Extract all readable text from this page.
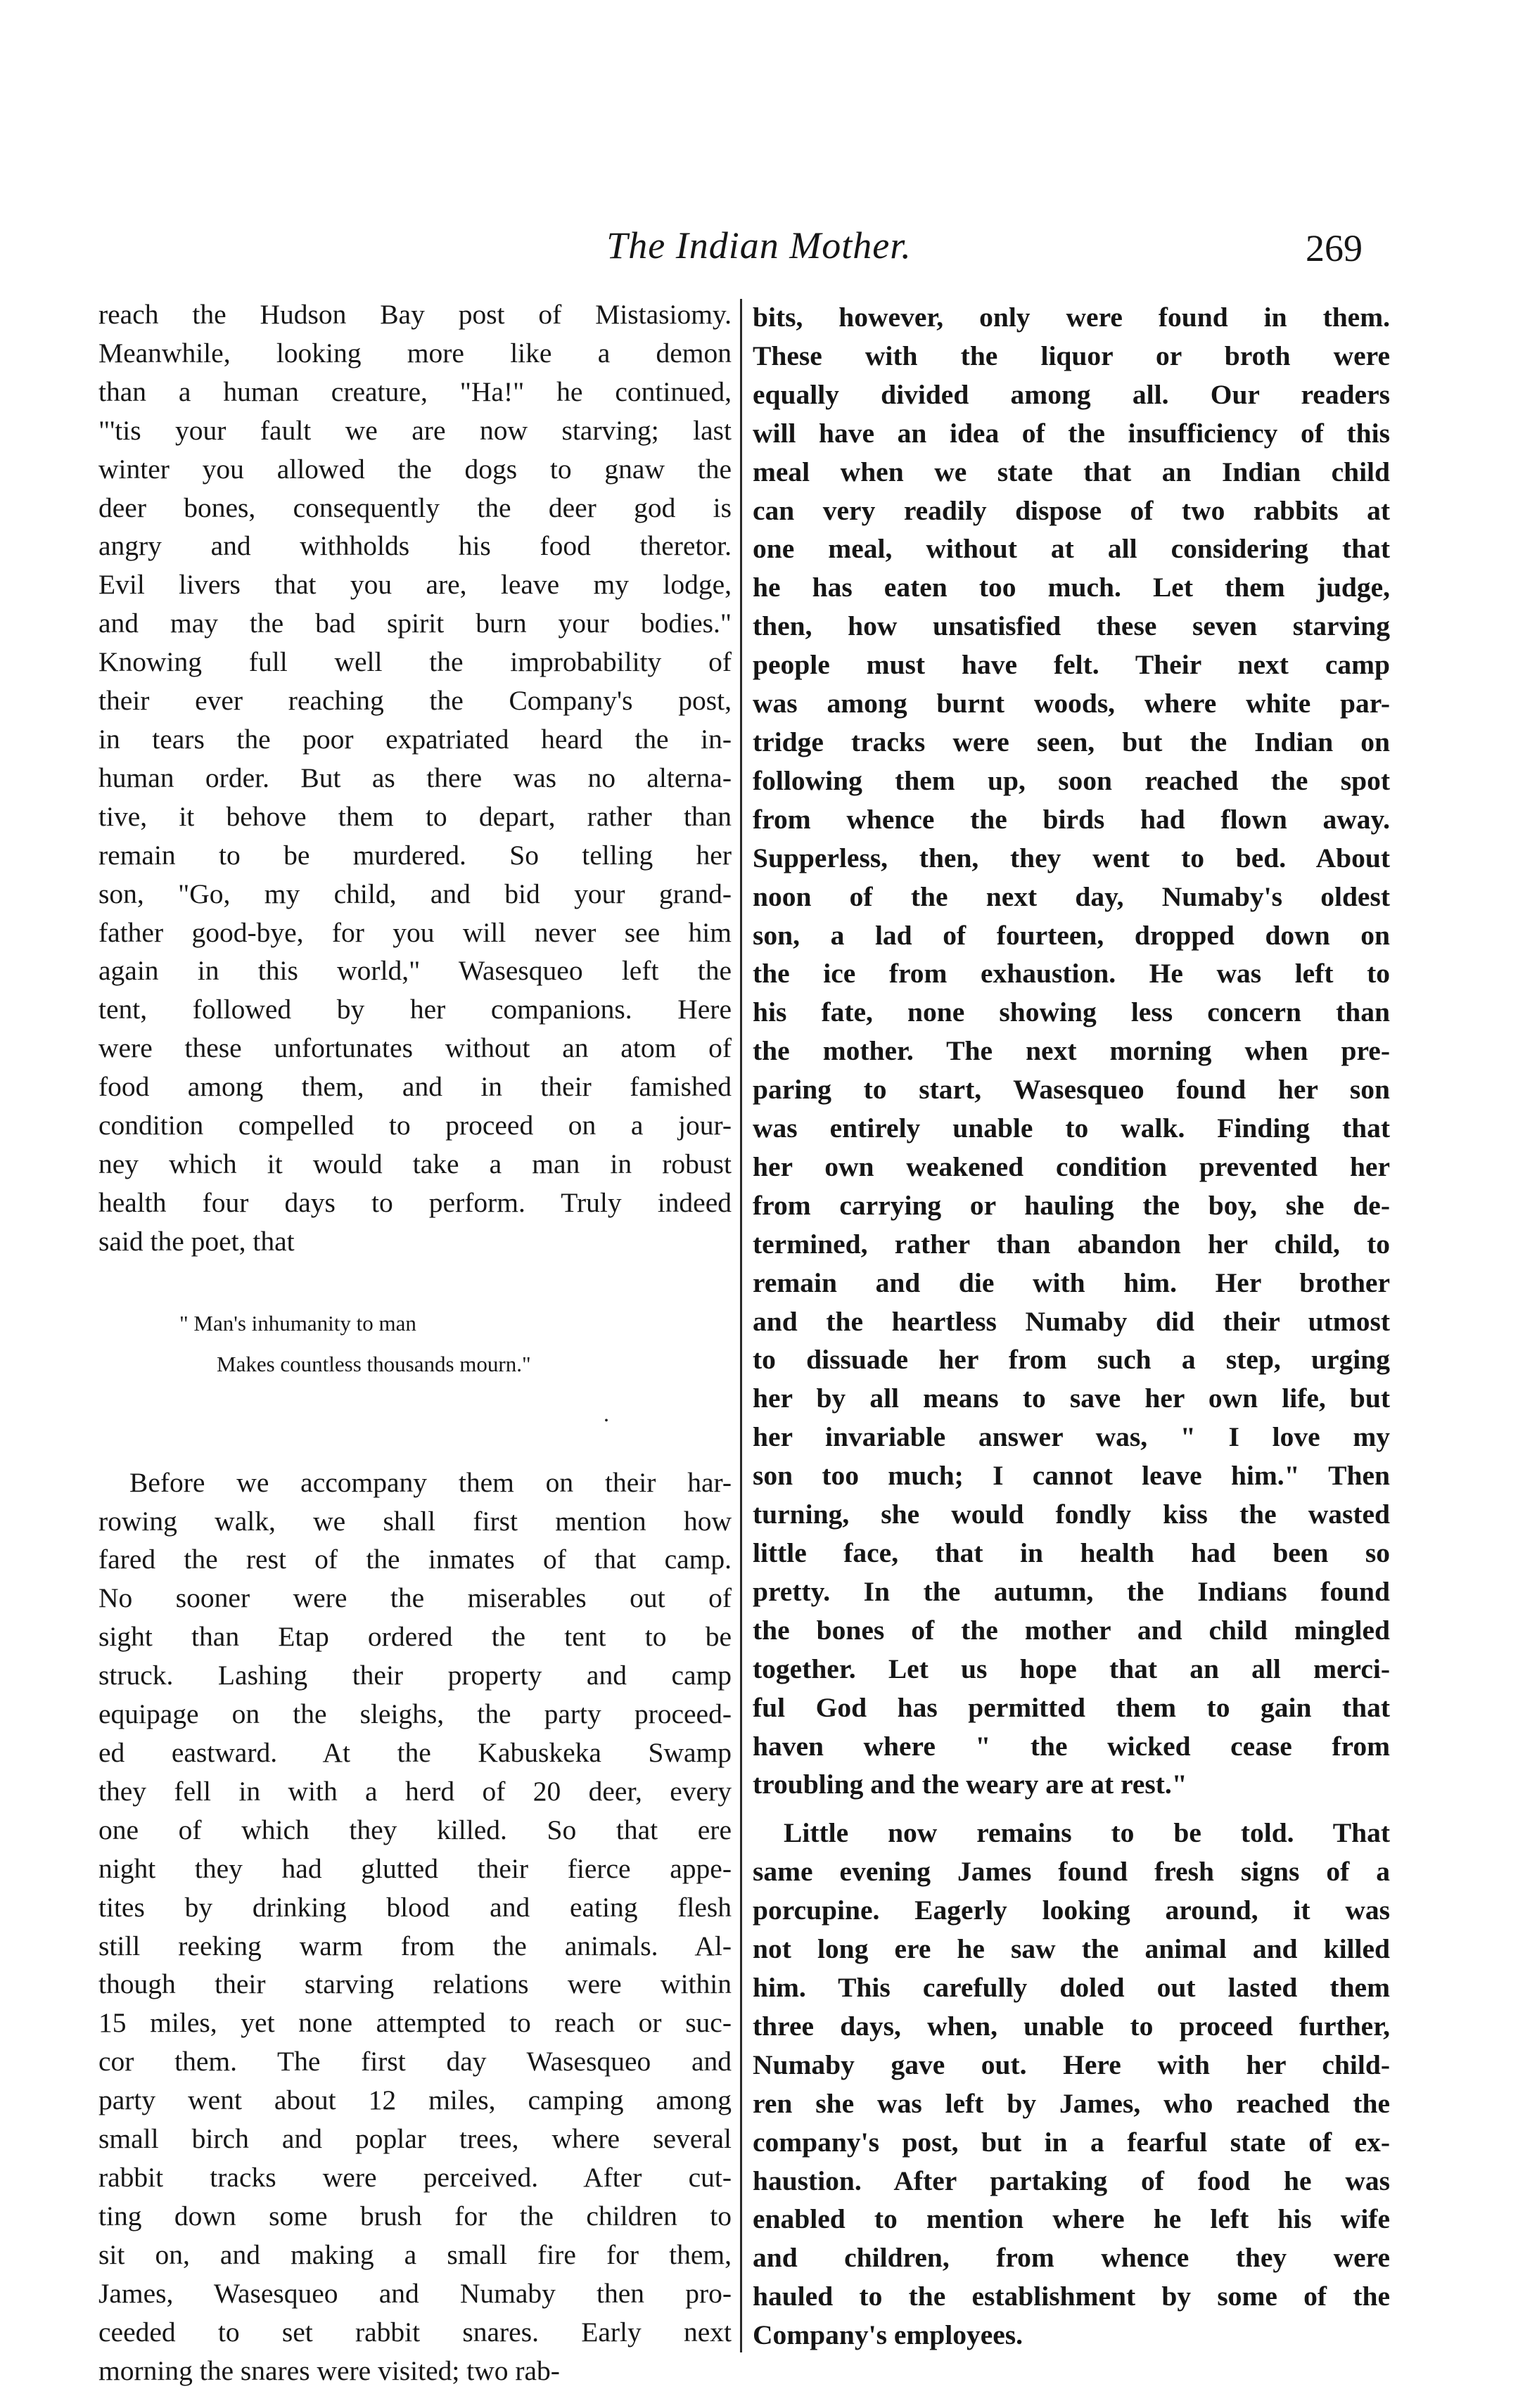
The Indian Mother.	269

reach the Hudson Bay post of Mistasiomy.

Meanwhile, looking more like a demon

than a human creature, "Ha!" he continued,

"'tis your fault we are now starving; last

winter you allowed the dogs to gnaw the

deer bones, consequently the deer god is

angry and withholds his food theretor.

Evil livers that you are, leave my lodge,

and may the bad spirit burn your bodies."

Knowing full well the improbability of

their ever reaching the Company's post,

in tears the poor expatriated heard the in-

human order. But as there was no alterna-

tive, it behove them to depart, rather than

remain to be murdered. So telling her

son, "Go, my child, and bid your grand-

father good-bye, for you will never see him

again in this world," Wasesqueo left the

tent, followed by her companions. Here

were these unfortunates without an atom of

food among them, and in their famished

condition compelled to proceed on a jour-

ney which it would take a man in robust

health four days to perform. Truly indeed

said the poet, that

" Man's inhumanity to man
Makes countless thousands mourn."
.

Before we accompany them on their har-

rowing walk, we shall first mention how

fared the rest of the inmates of that camp.

No sooner were the miserables out of

sight than Etap ordered the tent to be

struck. Lashing their property and camp

equipage on the sleighs, the party proceed-

ed eastward. At the Kabuskeka Swamp

they fell in with a herd of 20 deer, every

one of which they killed. So that ere

night they had glutted their fierce appe-

tites by drinking blood and eating flesh

still reeking warm from the animals. Al-

though their starving relations were within

15 miles, yet none attempted to reach or suc-

cor them. The first day Wasesqueo and

party went about 12 miles, camping among

small birch and poplar trees, where several

rabbit tracks were perceived. After cut-

ting down some brush for the children to

sit on, and making a small fire for them,

James, Wasesqueo and Numaby then pro-

ceeded to set rabbit snares. Early next

morning the snares were visited; two rab-

bits, however, only were found in them.

These with the liquor or broth were

equally divided among all. Our readers

will have an idea of the insufficiency of this

meal when we state that an Indian child

can very readily dispose of two rabbits at

one meal, without at all considering that

he has eaten too much. Let them judge,

then, how unsatisfied these seven starving

people must have felt. Their next camp

was among burnt woods, where white par-

tridge tracks were seen, but the Indian on

following them up, soon reached the spot

from whence the birds had flown away.

Supperless, then, they went to bed. About

noon of the next day, Numaby's oldest

son, a lad of fourteen, dropped down on

the ice from exhaustion. He was left to

his fate, none showing less concern than

the mother. The next morning when pre-

paring to start, Wasesqueo found her son

was entirely unable to walk. Finding that

her own weakened condition prevented her

from carrying or hauling the boy, she de-

termined, rather than abandon her child, to

remain and die with him. Her brother

and the heartless Numaby did their utmost

to dissuade her from such a step, urging

her by all means to save her own life, but

her invariable answer was, " I love my

son too much; I cannot leave him." Then

turning, she would fondly kiss the wasted

little face, that in health had been so

pretty. In the autumn, the Indians found

the bones of the mother and child mingled

together. Let us hope that an all merci-

ful God has permitted them to gain that

haven where " the wicked cease from

troubling and the weary are at rest."

Little now remains to be told. That

same evening James found fresh signs of a

porcupine. Eagerly looking around, it was

not long ere he saw the animal and killed

him. This carefully doled out lasted them

three days, when, unable to proceed further,

Numaby gave out. Here with her child-

ren she was left by James, who reached the

company's post, but in a fearful state of ex-

haustion. After partaking of food he was

enabled to mention where he left his wife

and children, from whence they were

hauled to the establishment by some of the

Company's employees.
